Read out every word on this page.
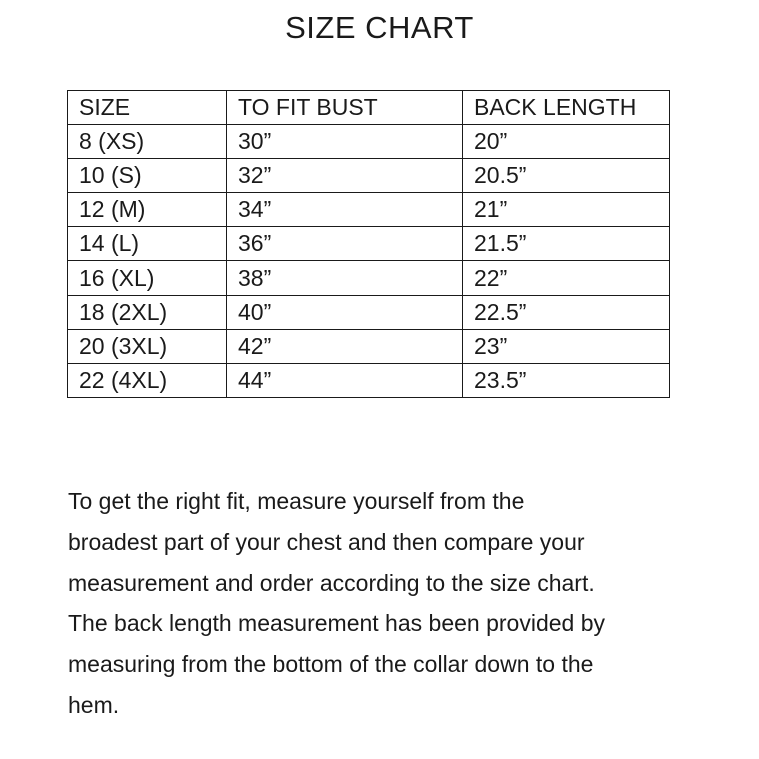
SIZE CHART
SIZE	TO FIT BUST	BACK LENGTH
8 (XS)	30”	20”
10 (S)	32”	20.5”
12 (M)	34”	21”
14 (L)	36”	21.5”
16 (XL)	38”	22”
18 (2XL)	40”	22.5”
20 (3XL)	42”	23”
22 (4XL)	44”	23.5”
To get the right fit, measure yourself from the
broadest part of your chest and then compare your
measurement and order according to the size chart.
The back length measurement has been provided by
measuring from the bottom of the collar down to the
hem.
